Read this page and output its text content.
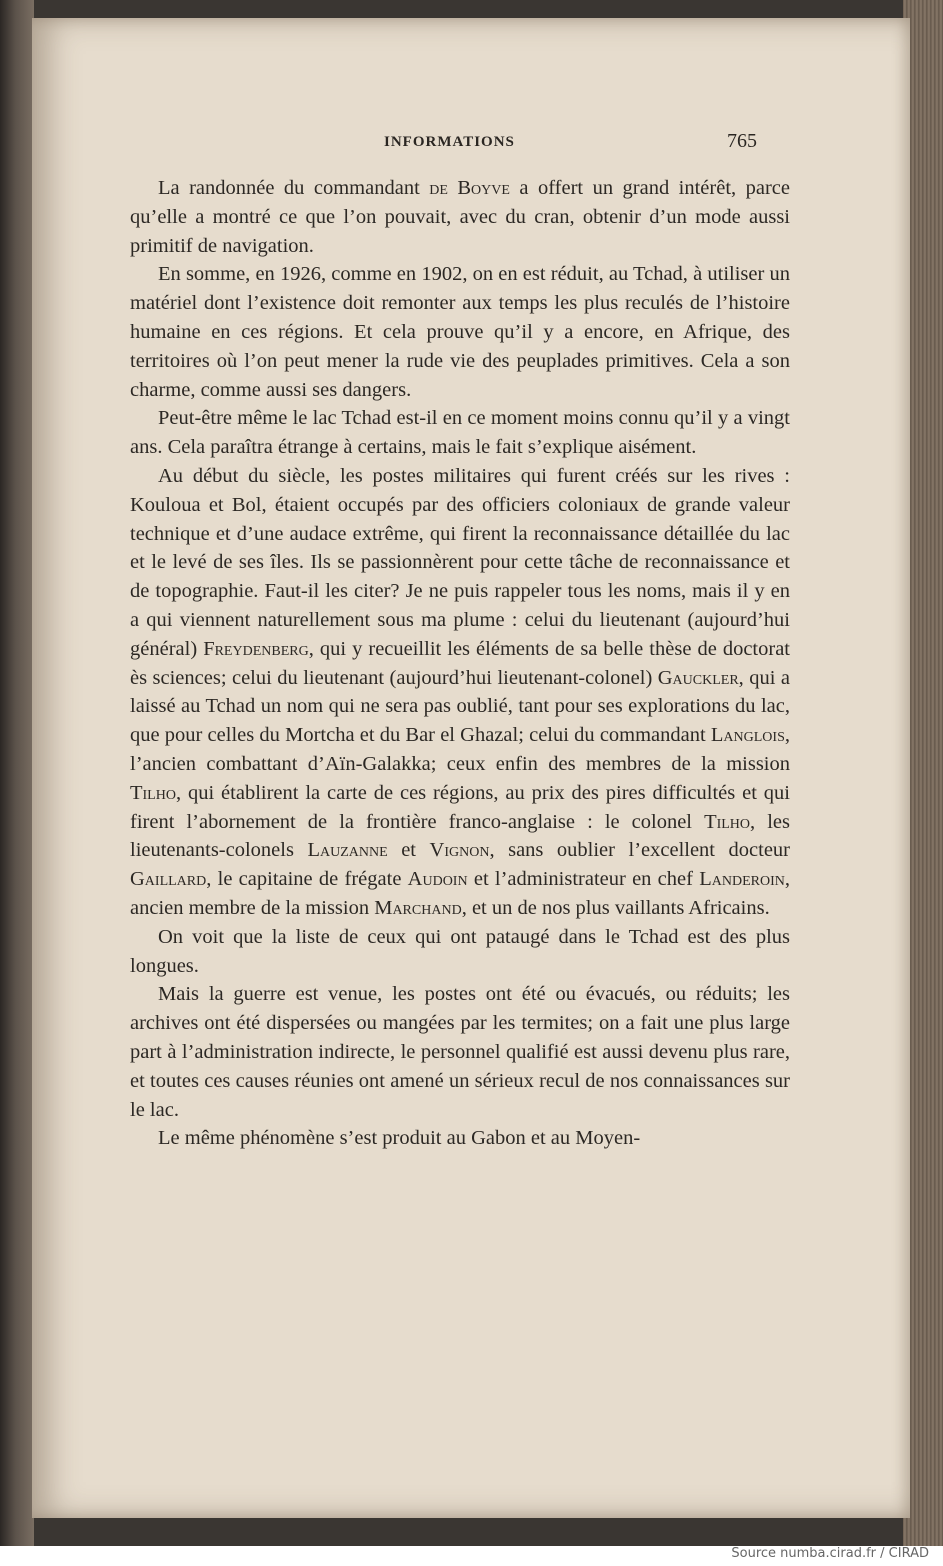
INFORMATIONS	765

La randonnée du commandant de Boyve a offert un grand intérêt, parce qu’elle a montré ce que l’on pouvait, avec du cran, obtenir d’un mode aussi primitif de navigation.

En somme, en 1926, comme en 1902, on en est réduit, au Tchad, à utiliser un matériel dont l’existence doit remonter aux temps les plus reculés de l’histoire humaine en ces régions. Et cela prouve qu’il y a encore, en Afrique, des territoires où l’on peut mener la rude vie des peuplades primitives. Cela a son charme, comme aussi ses dangers.

Peut-être même le lac Tchad est-il en ce moment moins connu qu’il y a vingt ans. Cela paraîtra étrange à certains, mais le fait s’explique aisément.

Au début du siècle, les postes militaires qui furent créés sur les rives : Kouloua et Bol, étaient occupés par des officiers coloniaux de grande valeur technique et d’une audace extrême, qui firent la reconnaissance détaillée du lac et le levé de ses îles. Ils se passionnèrent pour cette tâche de reconnaissance et de topographie. Faut-il les citer? Je ne puis rappeler tous les noms, mais il y en a qui viennent naturellement sous ma plume : celui du lieutenant (aujourd’hui général) Freydenberg, qui y recueillit les éléments de sa belle thèse de doctorat ès sciences; celui du lieutenant (aujourd’hui lieutenant-colonel) Gauckler, qui a laissé au Tchad un nom qui ne sera pas oublié, tant pour ses explorations du lac, que pour celles du Mortcha et du Bar el Ghazal; celui du commandant Langlois, l’ancien combattant d’Aïn-Galakka; ceux enfin des membres de la mission Tilho, qui établirent la carte de ces régions, au prix des pires difficultés et qui firent l’abornement de la frontière franco-anglaise : le colonel Tilho, les lieutenants-colonels Lauzanne et Vignon, sans oublier l’excellent docteur Gaillard, le capitaine de frégate Audoin et l’administrateur en chef Landeroin, ancien membre de la mission Marchand, et un de nos plus vaillants Africains.

On voit que la liste de ceux qui ont pataugé dans le Tchad est des plus longues.

Mais la guerre est venue, les postes ont été ou évacués, ou réduits; les archives ont été dispersées ou mangées par les termites; on a fait une plus large part à l’administration indirecte, le personnel qualifié est aussi devenu plus rare, et toutes ces causes réunies ont amené un sérieux recul de nos connaissances sur le lac.

Le même phénomène s’est produit au Gabon et au Moyen-

Source numba.cirad.fr / CIRAD
